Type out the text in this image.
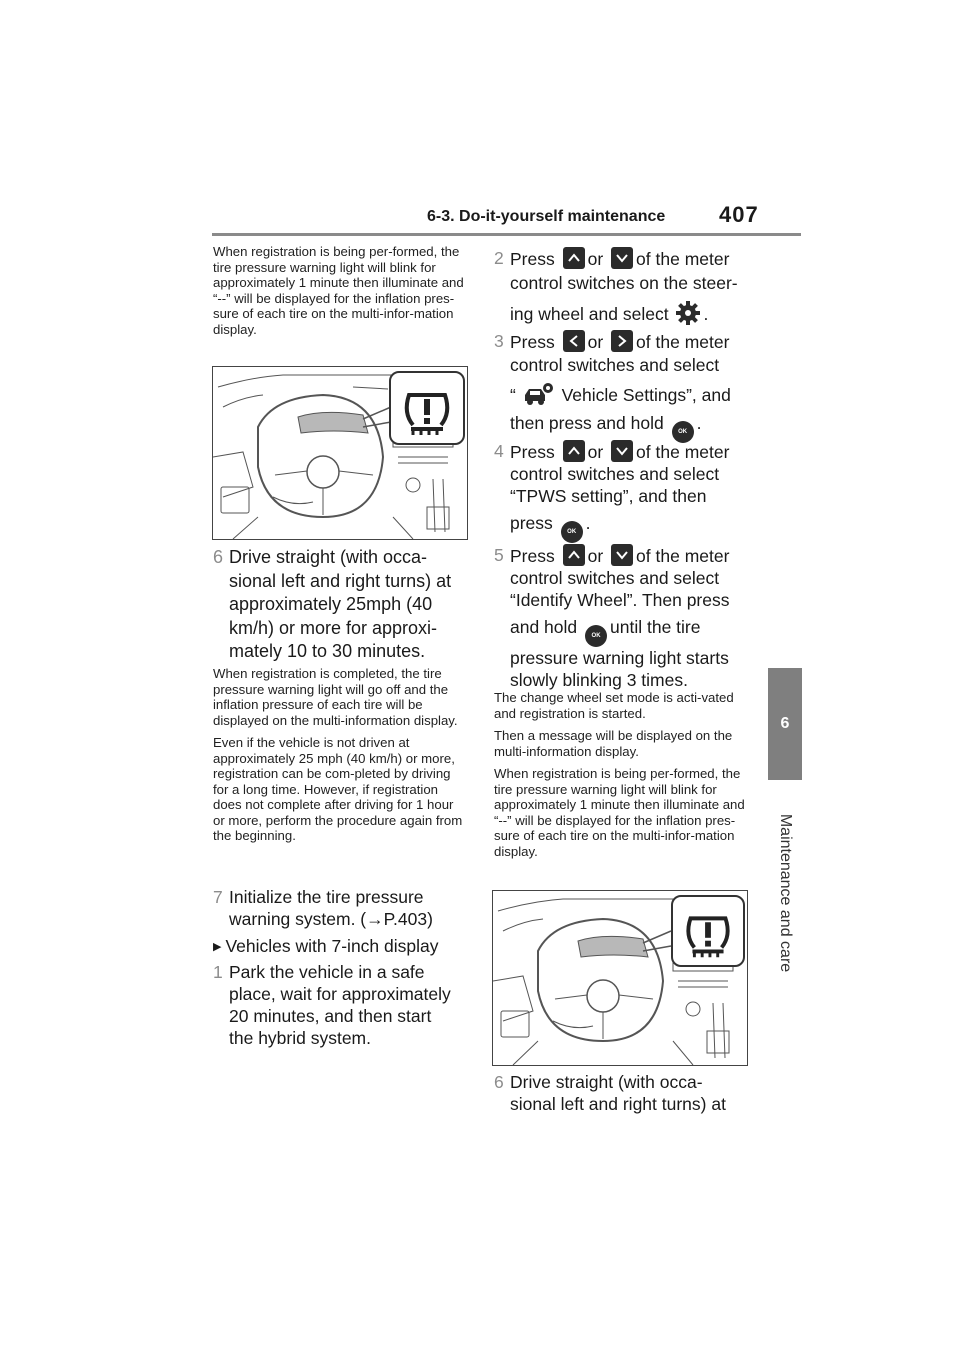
6-3. Do-it-yourself maintenance 407
6
Maintenance and care

When registration is being per-formed, the tire pressure warning light will blink for approximately 1 minute then illuminate and “--” will be displayed for the inflation pres-sure of each tire on the multi-infor-mation display.

6 Drive straight (with occa-
sional left and right turns) at
approximately 25mph (40
km/h) or more for approxi-
mately 10 to 30 minutes.

When registration is completed, the tire pressure warning light will go off and the inflation pressure of each tire will be displayed on the multi-information display.

Even if the vehicle is not driven at approximately 25 mph (40 km/h) or more, registration can be com-pleted by driving for a long time. However, if registration does not complete after driving for 1 hour or more, perform the procedure again from the beginning.

7 Initialize the tire pressure
warning system. (→P.403)
▶ Vehicles with 7-inch display
1 Park the vehicle in a safe
place, wait for approximately
20 minutes, and then start
the hybrid system.
2 Press or of the meter
control switches on the steer-
ing wheel and select .
3 Press or of the meter
control switches and select
“	Vehicle Settings”, and
then press and hold OK .
4 Press or of the meter
control switches and select
“TPWS setting”, and then
press OK .
5 Press or of the meter
control switches and select
“Identify Wheel”. Then press
and hold OK until the tire
pressure warning light starts
slowly blinking 3 times.

The change wheel set mode is acti-vated and registration is started.

Then a message will be displayed on the multi-information display.

When registration is being per-formed, the tire pressure warning light will blink for approximately 1 minute then illuminate and “--” will be displayed for the inflation pres-sure of each tire on the multi-infor-mation display.

6 Drive straight (with occa-
sional left and right turns) at
